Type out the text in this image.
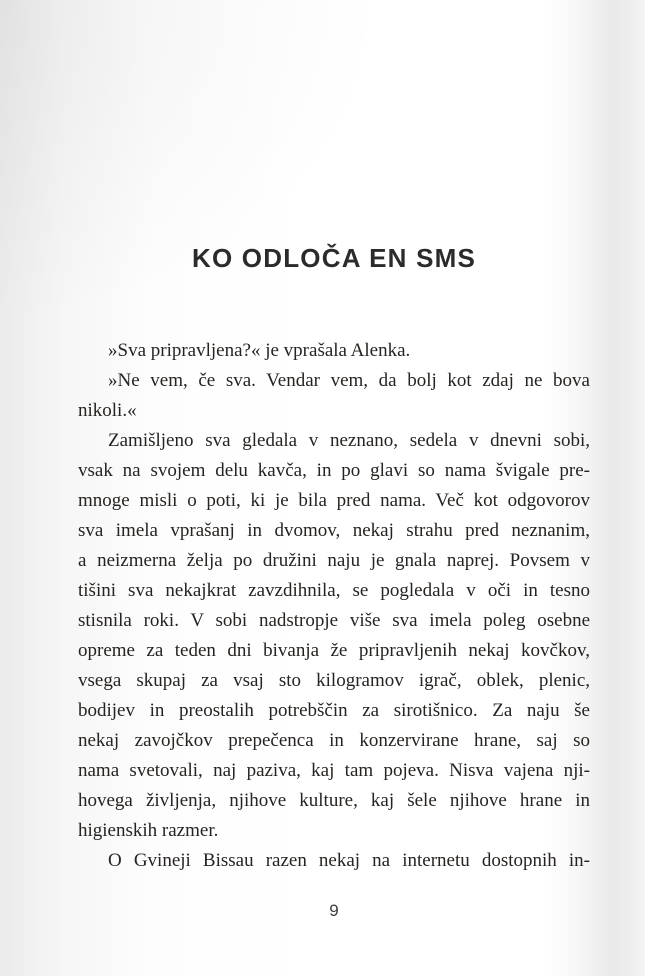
KO ODLOČA EN SMS
»Sva pripravljena?« je vprašala Alenka.
»Ne vem, če sva. Vendar vem, da bolj kot zdaj ne bova
nikoli.«
Zamišljeno sva gledala v neznano, sedela v dnevni sobi,
vsak na svojem delu kavča, in po glavi so nama švigale pre-
mnoge misli o poti, ki je bila pred nama. Več kot odgovorov
sva imela vprašanj in dvomov, nekaj strahu pred neznanim,
a neizmerna želja po družini naju je gnala naprej. Povsem v
tišini sva nekajkrat zavzdihnila, se pogledala v oči in tesno
stisnila roki. V sobi nadstropje više sva imela poleg osebne
opreme za teden dni bivanja že pripravljenih nekaj kovčkov,
vsega skupaj za vsaj sto kilogramov igrač, oblek, plenic,
bodijev in preostalih potrebščin za sirotišnico. Za naju še
nekaj zavojčkov prepečenca in konzervirane hrane, saj so
nama svetovali, naj paziva, kaj tam pojeva. Nisva vajena nji-
hovega življenja, njihove kulture, kaj šele njihove hrane in
higienskih razmer.
O Gvineji Bissau razen nekaj na internetu dostopnih in-
9
